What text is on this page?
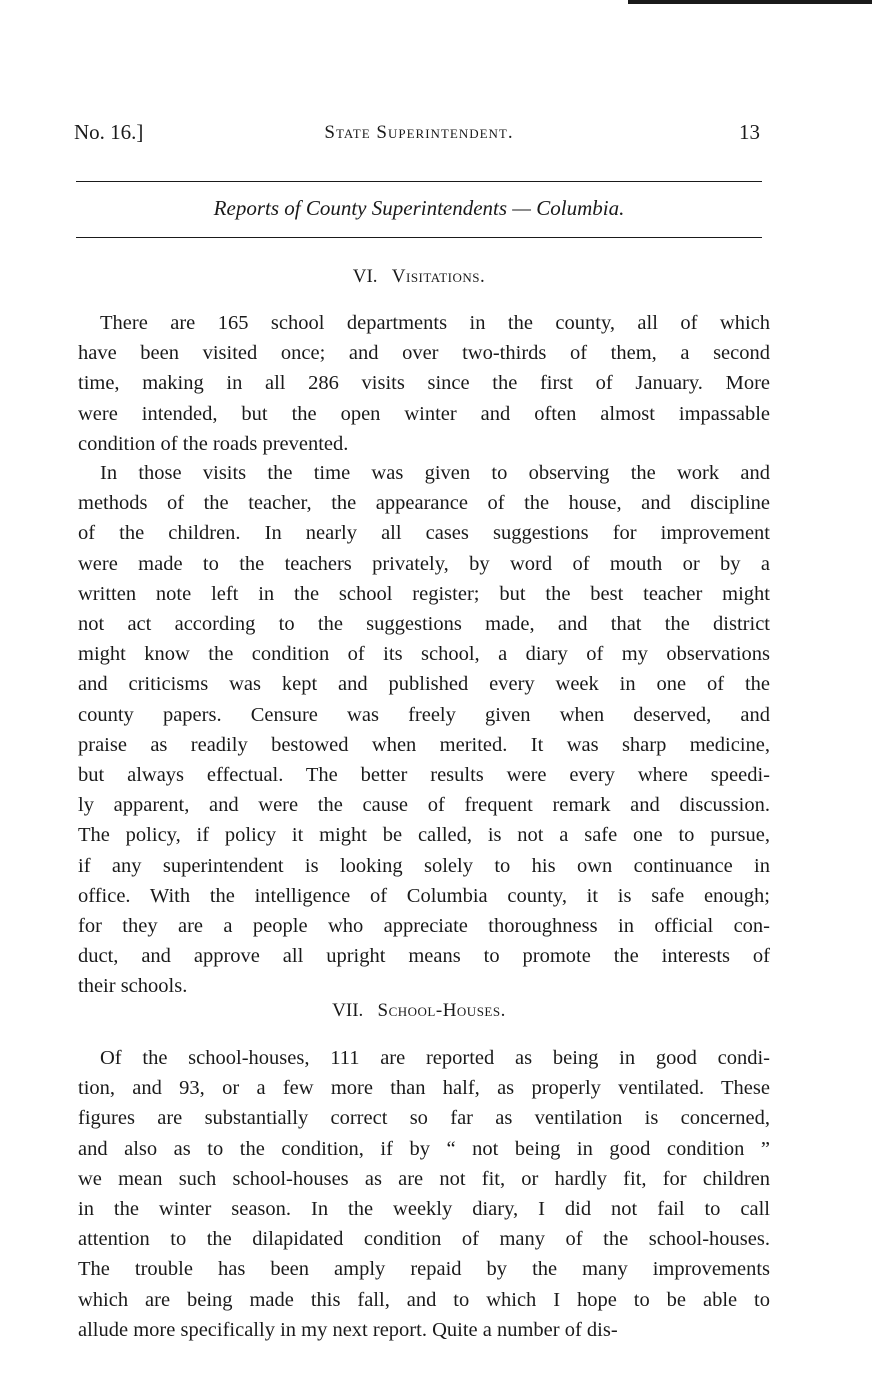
No. 16.]	State Superintendent.	13
Reports of County Superintendents — Columbia.
VI. Visitations.
There are 165 school departments in the county, all of which
have been visited once; and over two-thirds of them, a second
time, making in all 286 visits since the first of January. More
were intended, but the open winter and often almost impassable
condition of the roads prevented.
In those visits the time was given to observing the work and
methods of the teacher, the appearance of the house, and discipline
of the children. In nearly all cases suggestions for improvement
were made to the teachers privately, by word of mouth or by a
written note left in the school register; but the best teacher might
not act according to the suggestions made, and that the district
might know the condition of its school, a diary of my observations
and criticisms was kept and published every week in one of the
county papers. Censure was freely given when deserved, and
praise as readily bestowed when merited. It was sharp medicine,
but always effectual. The better results were every where speedi-
ly apparent, and were the cause of frequent remark and discussion.
The policy, if policy it might be called, is not a safe one to pursue,
if any superintendent is looking solely to his own continuance in
office. With the intelligence of Columbia county, it is safe enough;
for they are a people who appreciate thoroughness in official con-
duct, and approve all upright means to promote the interests of
their schools.
VII. School-Houses.
Of the school-houses, 111 are reported as being in good condi-
tion, and 93, or a few more than half, as properly ventilated. These
figures are substantially correct so far as ventilation is concerned,
and also as to the condition, if by “ not being in good condition ”
we mean such school-houses as are not fit, or hardly fit, for children
in the winter season. In the weekly diary, I did not fail to call
attention to the dilapidated condition of many of the school-houses.
The trouble has been amply repaid by the many improvements
which are being made this fall, and to which I hope to be able to
allude more specifically in my next report. Quite a number of dis-
